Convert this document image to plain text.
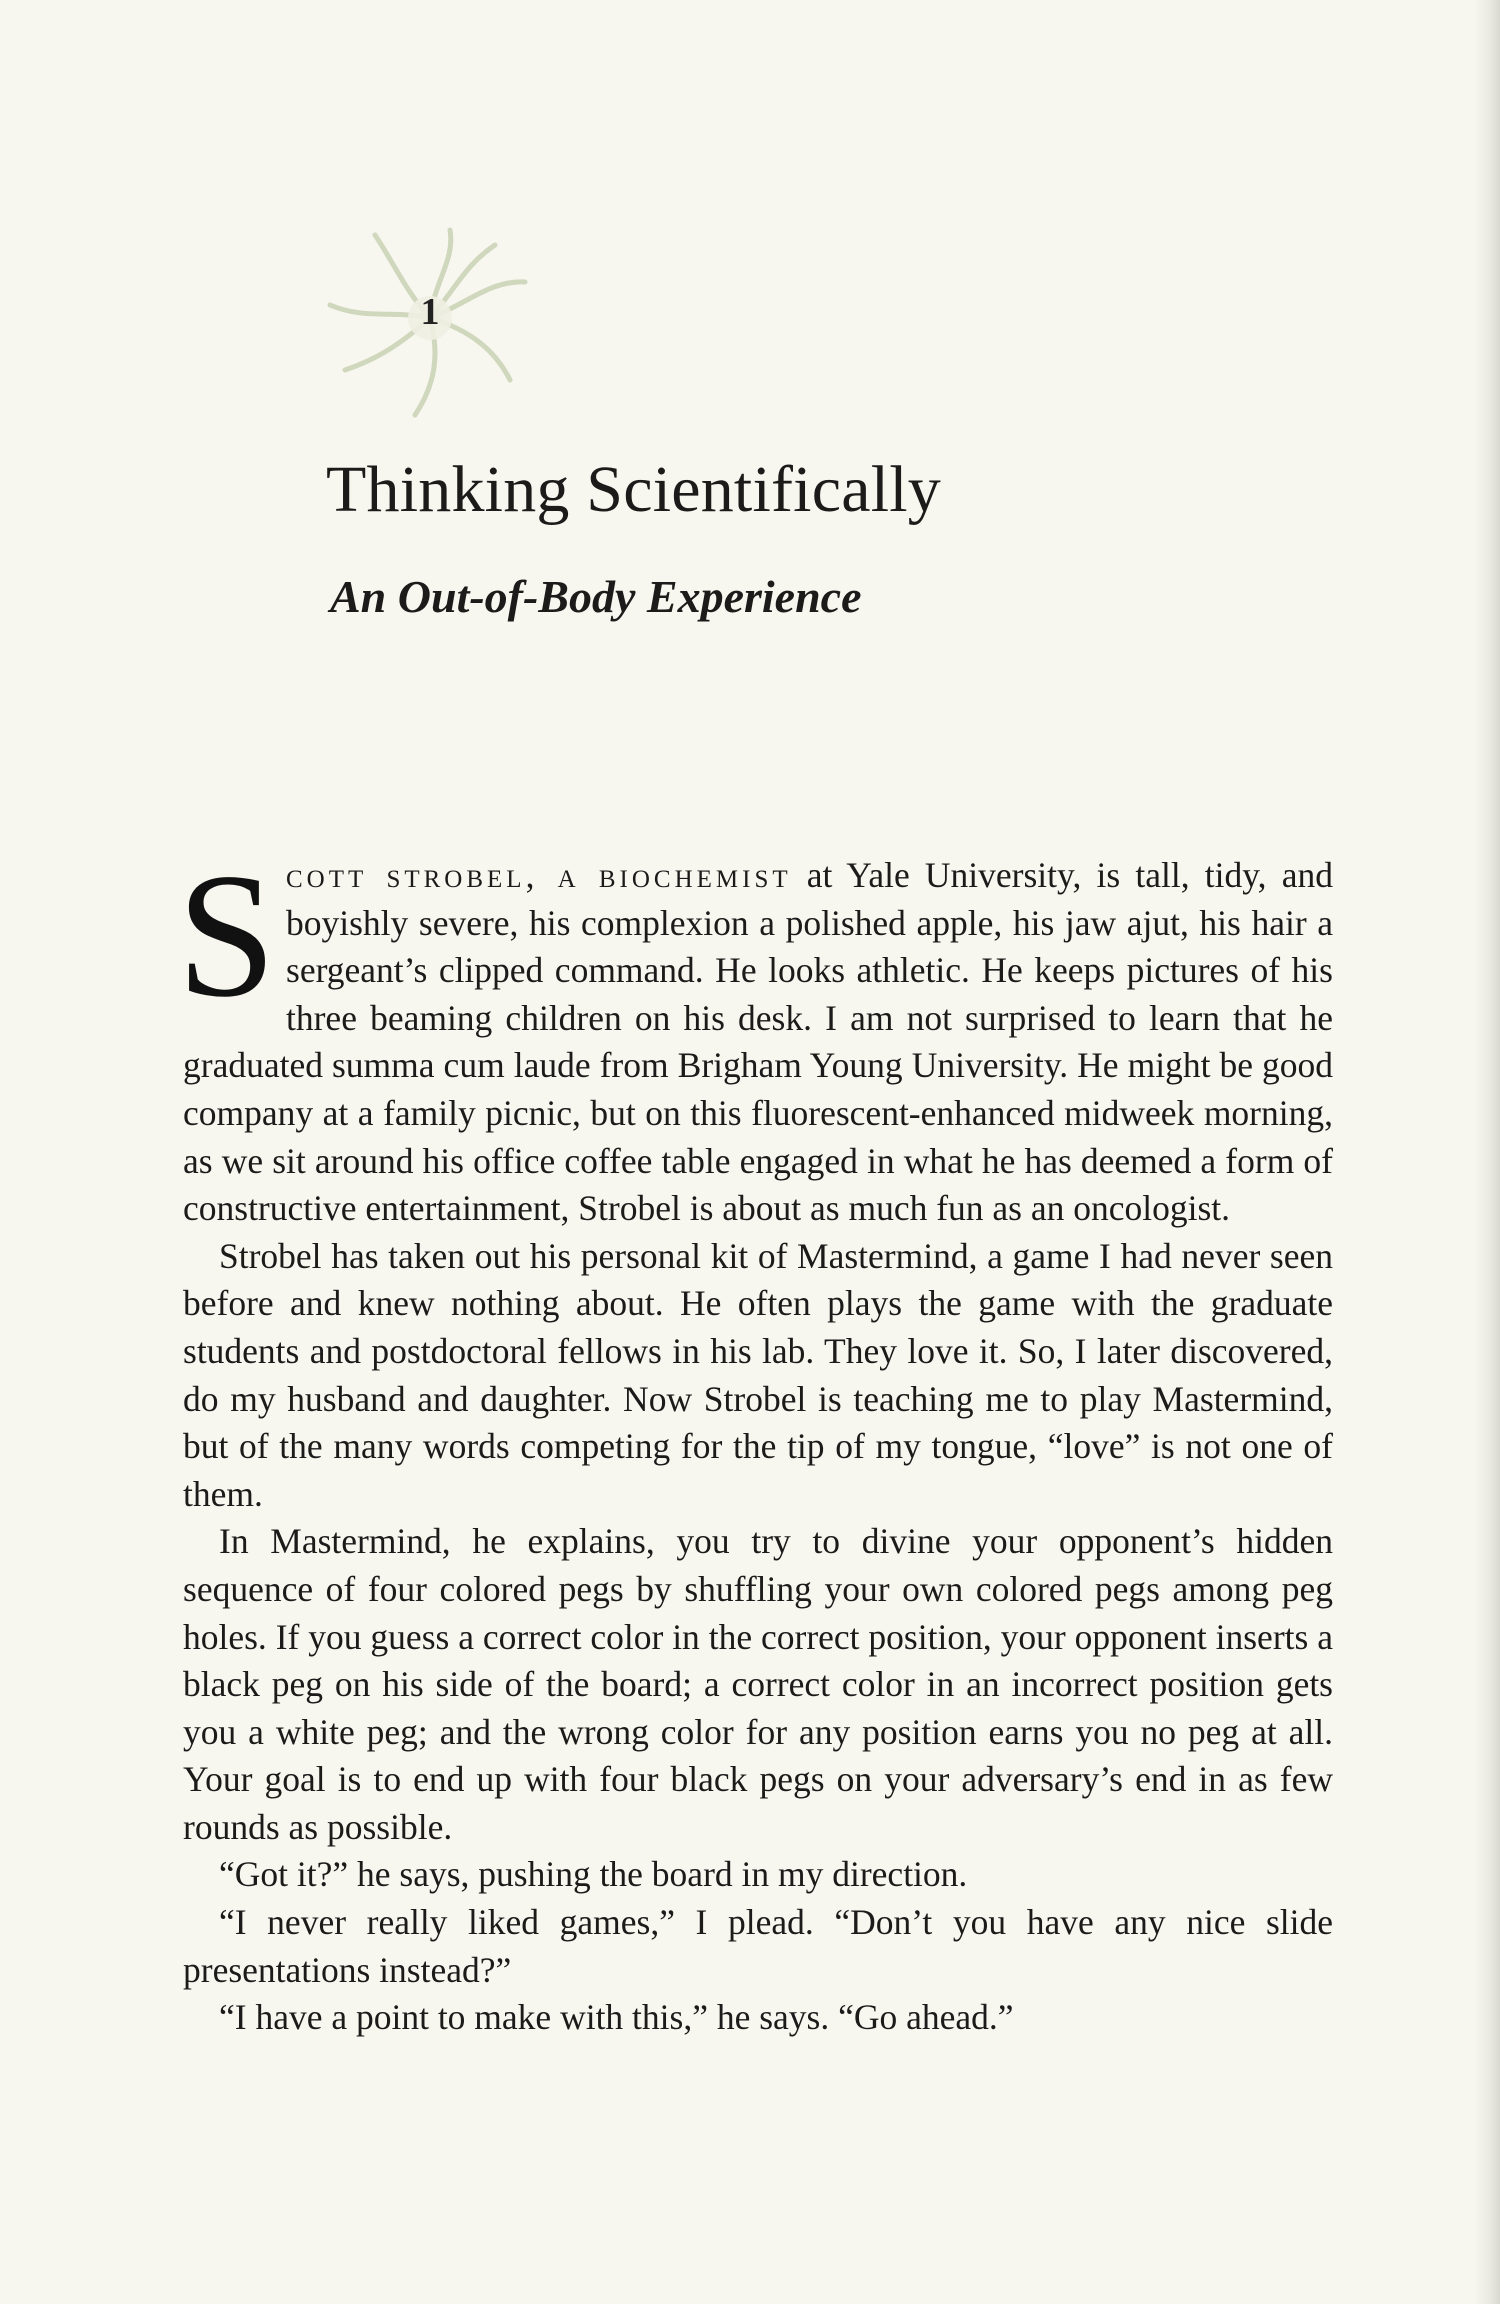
1
Thinking Scientifically
An Out-of-Body Experience

Scott strobel, a biochemist at Yale University, is tall, tidy, and boyishly severe, his complexion a polished apple, his jaw ajut, his hair a sergeant’s clipped command. He looks athletic. He keeps pictures of his three beaming children on his desk. I am not surprised to learn that he graduated summa cum laude from Brigham Young University. He might be good company at a family picnic, but on this fluorescent-enhanced midweek morning, as we sit around his office coffee table engaged in what he has deemed a form of constructive entertainment, Strobel is about as much fun as an oncologist.

Strobel has taken out his personal kit of Mastermind, a game I had never seen before and knew nothing about. He often plays the game with the graduate students and postdoctoral fellows in his lab. They love it. So, I later discovered, do my husband and daughter. Now Strobel is teaching me to play Mastermind, but of the many words competing for the tip of my tongue, “love” is not one of them.

In Mastermind, he explains, you try to divine your opponent’s hidden sequence of four colored pegs by shuffling your own colored pegs among peg holes. If you guess a correct color in the correct position, your opponent inserts a black peg on his side of the board; a correct color in an incorrect position gets you a white peg; and the wrong color for any position earns you no peg at all. Your goal is to end up with four black pegs on your adversary’s end in as few rounds as possible.

“Got it?” he says, pushing the board in my direction.

“I never really liked games,” I plead. “Don’t you have any nice slide presentations instead?”

“I have a point to make with this,” he says. “Go ahead.”
